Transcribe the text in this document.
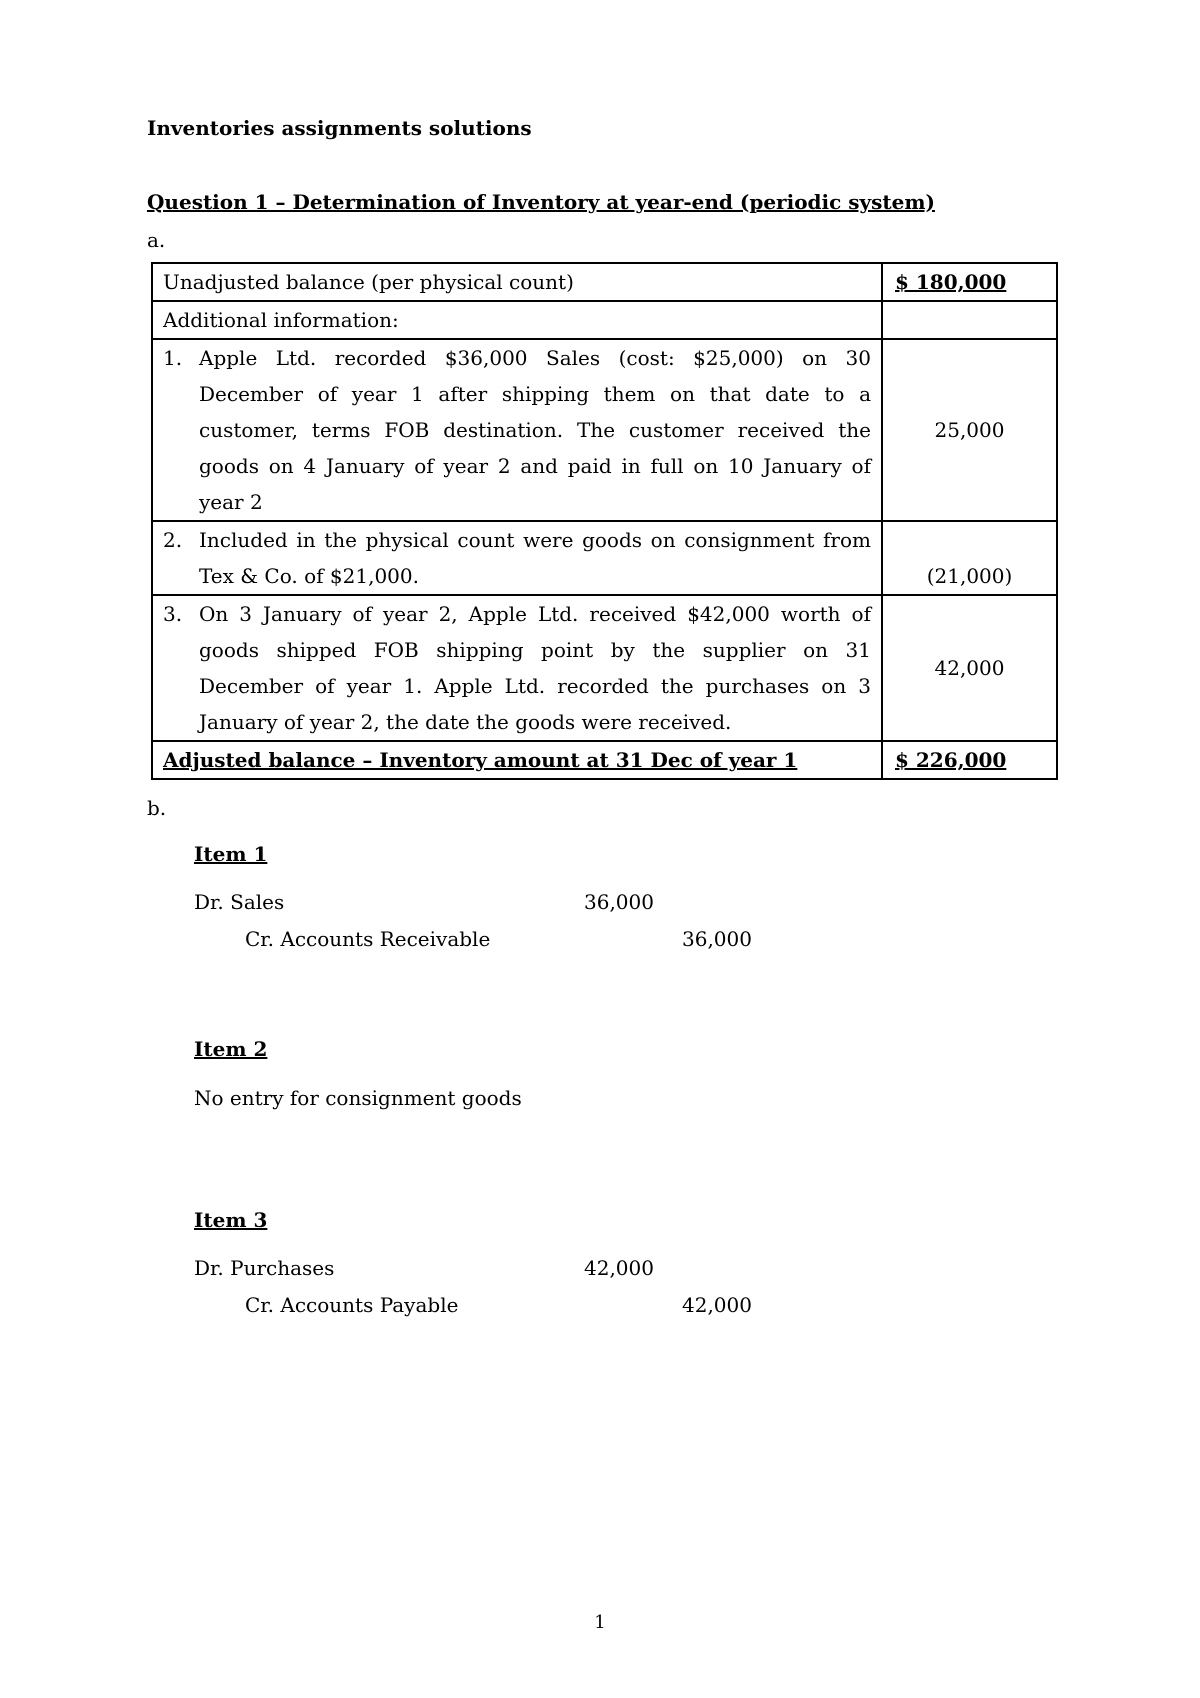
Inventories assignments solutions
Question 1 – Determination of Inventory at year-end (periodic system)

a.

Unadjusted balance (per physical count)	$ 180,000
Additional information:	

1. Apple Ltd. recorded $36,000 Sales (cost: $25,000) on 30 December of year 1 after shipping them on that date to a customer, terms FOB destination. The customer received the goods on 4 January of year 2 and paid in full on 10 January of year 2	25,000

2. Included in the physical count were goods on consignment from Tex & Co. of $21,000.	(21,000)

3. On 3 January of year 2, Apple Ltd. received $42,000 worth of goods shipped FOB shipping point by the supplier on 31 December of year 1. Apple Ltd. recorded the purchases on 3 January of year 2, the date the goods were received.	42,000
Adjusted balance – Inventory amount at 31 Dec of year 1	$ 226,000

b.

Item 1

Dr. Sales	36,000

Cr. Accounts Receivable	36,000

Item 2

No entry for consignment goods

Item 3

Dr. Purchases	42,000

Cr. Accounts Payable	42,000

1
